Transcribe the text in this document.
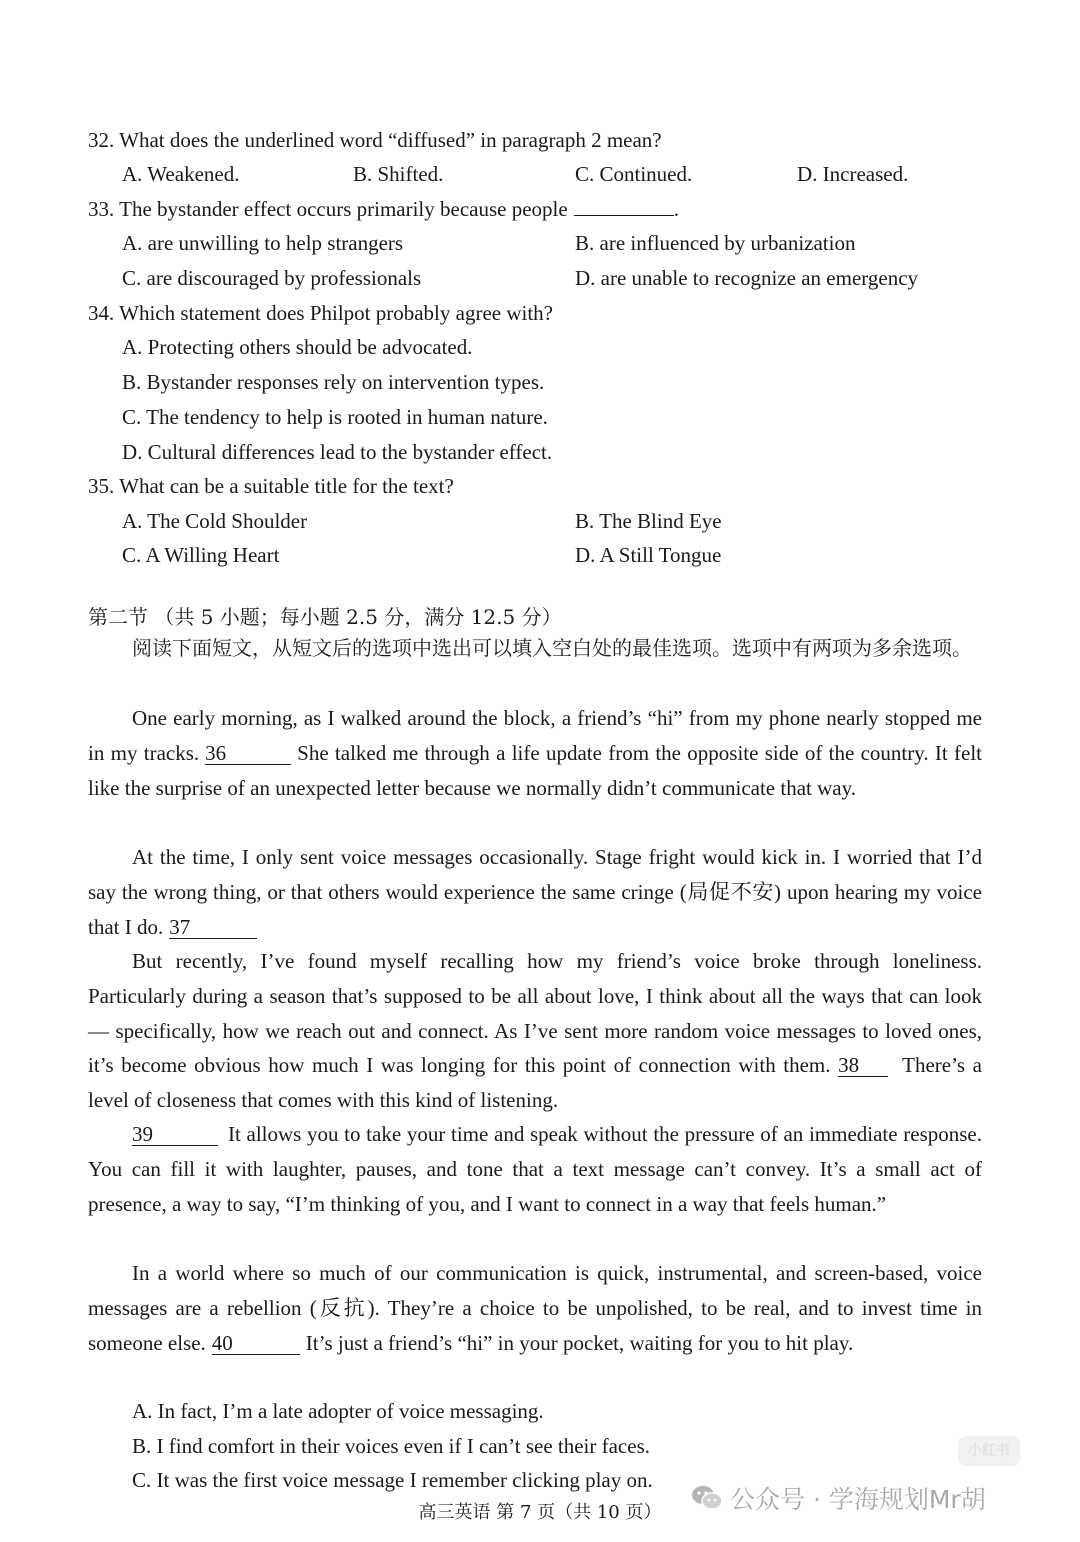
32. What does the underlined word “diffused” in paragraph 2 mean?
A. Weakened.	B. Shifted.	C. Continued.	D. Increased.
33. The bystander effect occurs primarily because people	.
A. are unwilling to help strangers	B. are influenced by urbanization
C. are discouraged by professionals	D. are unable to recognize an emergency
34. Which statement does Philpot probably agree with?
A. Protecting others should be advocated.
B. Bystander responses rely on intervention types.
C. The tendency to help is rooted in human nature.
D. Cultural differences lead to the bystander effect.
35. What can be a suitable title for the text?
A. The Cold Shoulder	B. The Blind Eye
C. A Willing Heart	D. A Still Tongue
第二节 （共 5 小题；每小题 2.5 分，满分 12.5 分）
阅读下面短文，从短文后的选项中选出可以填入空白处的最佳选项。选项中有两项为多余选项。
One early morning, as I walked around the block, a friend’s “hi” from my phone nearly stopped me in my tracks. 36	She talked me through a life update from the opposite side of the country. It felt like the surprise of an unexpected letter because we normally didn’t communicate that way.
At the time, I only sent voice messages occasionally. Stage fright would kick in. I worried that I’d say the wrong thing, or that others would experience the same cringe (局促不安) upon hearing my voice that I do. 37
But recently, I’ve found myself recalling how my friend’s voice broke through loneliness. Particularly during a season that’s supposed to be all about love, I think about all the ways that can look — specifically, how we reach out and connect. As I’ve sent more random voice messages to loved ones, it’s become obvious how much I was longing for this point of connection with them. 38 There’s a level of closeness that comes with this kind of listening.
39	It allows you to take your time and speak without the pressure of an immediate response. You can fill it with laughter, pauses, and tone that a text message can’t convey. It’s a small act of presence, a way to say, “I’m thinking of you, and I want to connect in a way that feels human.”
In a world where so much of our communication is quick, instrumental, and screen-based, voice messages are a rebellion (反抗). They’re a choice to be unpolished, to be real, and to invest time in someone else. 40	It’s just a friend’s “hi” in your pocket, waiting for you to hit play.
A. In fact, I’m a late adopter of voice messaging.
B. I find comfort in their voices even if I can’t see their faces.
C. It was the first voice message I remember clicking play on.
小红书
公众号 · 学海规划Mr胡
高三英语 第 7 页（共 10 页）
